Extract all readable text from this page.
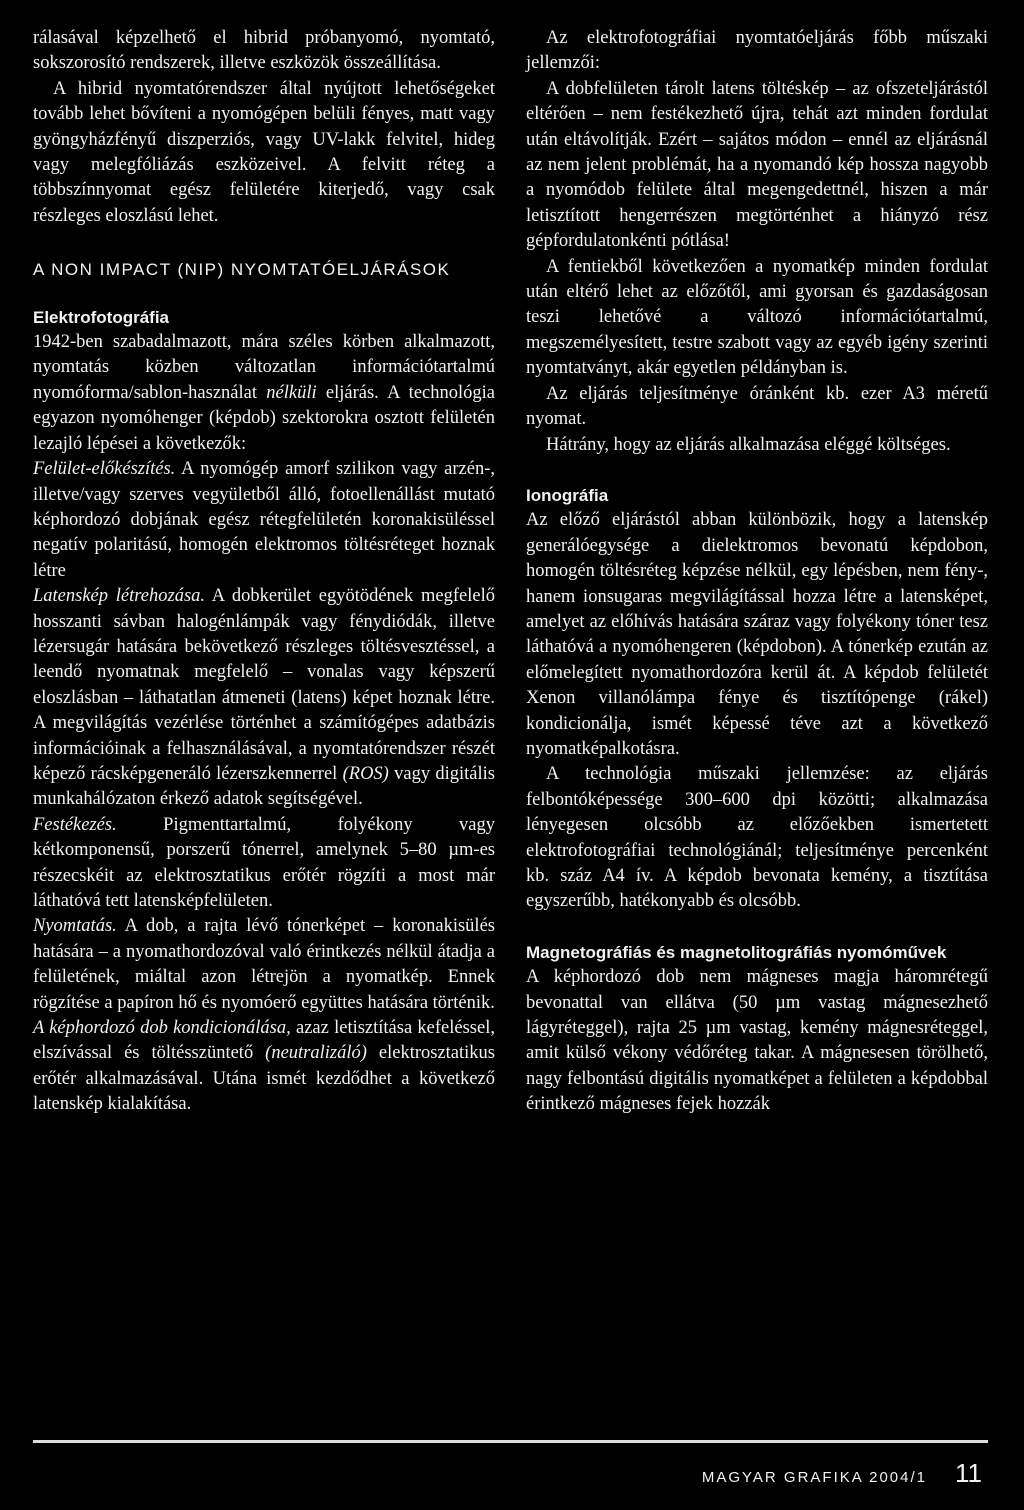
rálasával képzelhető el hibrid próbanyomó, nyomtató, sokszorosító rendszerek, illetve eszközök összeállítása.

A hibrid nyomtatórendszer által nyújtott lehetőségeket tovább lehet bővíteni a nyomógépen belüli fényes, matt vagy gyöngyházfényű diszperziós, vagy UV-lakk felvitel, hideg vagy melegfóliázás eszközeivel. A felvitt réteg a többszínnyomat egész felületére kiterjedő, vagy csak részleges eloszlású lehet.

A NON IMPACT (NIP) NYOMTATÓELJÁRÁSOK

Elektrofotográfia

1942-ben szabadalmazott, mára széles körben alkalmazott, nyomtatás közben változatlan információtartalmú nyomóforma/sablon-használat nélküli eljárás. A technológia egyazon nyomóhenger (képdob) szektorokra osztott felületén lezajló lépései a következők:

Felület-előkészítés. A nyomógép amorf szilikon vagy arzén-, illetve/vagy szerves vegyületből álló, fotoellenállást mutató képhordozó dobjának egész rétegfelületén koronakisüléssel negatív polaritású, homogén elektromos töltésréteget hoznak létre

Latenskép létrehozása. A dobkerület egyötödének megfelelő hosszanti sávban halogénlámpák vagy fénydiódák, illetve lézersugár hatására bekövetkező részleges töltésvesztéssel, a leendő nyomatnak megfelelő – vonalas vagy képszerű eloszlásban – láthatatlan átmeneti (latens) képet hoznak létre. A megvilágítás vezérlése történhet a számítógépes adatbázis információinak a felhasználásával, a nyomtatórendszer részét képező rácsképgeneráló lézerszkennerrel (ROS) vagy digitális munkahálózaton érkező adatok segítségével.

Festékezés. Pigmenttartalmú, folyékony vagy kétkomponensű, porszerű tónerrel, amelynek 5–80 µm-es részecskéit az elektrosztatikus erőtér rögzíti a most már láthatóvá tett latensképfelületen.

Nyomtatás. A dob, a rajta lévő tónerképet – koronakisülés hatására – a nyomathordozóval való érintkezés nélkül átadja a felületének, miáltal azon létrejön a nyomatkép. Ennek rögzítése a papíron hő és nyomóerő együttes hatására történik.

A képhordozó dob kondicionálása, azaz letisztítása kefeléssel, elszívással és töltésszüntető (neutralizáló) elektrosztatikus erőtér alkalmazásával. Utána ismét kezdődhet a következő latenskép kialakítása.

Az elektrofotográfiai nyomtatóeljárás főbb műszaki jellemzői:

A dobfelületen tárolt latens töltéskép – az ofszeteljárástól eltérően – nem festékezhető újra, tehát azt minden fordulat után eltávolítják. Ezért – sajátos módon – ennél az eljárásnál az nem jelent problémát, ha a nyomandó kép hossza nagyobb a nyomódob felülete által megengedettnél, hiszen a már letisztított hengerrészen megtörténhet a hiányzó rész gépfordulatonkénti pótlása!

A fentiekből következően a nyomatkép minden fordulat után eltérő lehet az előzőtől, ami gyorsan és gazdaságosan teszi lehetővé a változó információtartalmú, megszemélyesített, testre szabott vagy az egyéb igény szerinti nyomtatványt, akár egyetlen példányban is.

Az eljárás teljesítménye óránként kb. ezer A3 méretű nyomat.

Hátrány, hogy az eljárás alkalmazása eléggé költséges.

Ionográfia

Az előző eljárástól abban különbözik, hogy a latenskép generálóegysége a dielektromos bevonatú képdobon, homogén töltésréteg képzése nélkül, egy lépésben, nem fény-, hanem ionsugaras megvilágítással hozza létre a latensképet, amelyet az előhívás hatására száraz vagy folyékony tóner tesz láthatóvá a nyomóhengeren (képdobon). A tónerkép ezután az előmelegített nyomathordozóra kerül át. A képdob felületét Xenon villanólámpa fénye és tisztítópenge (rákel) kondicionálja, ismét képessé téve azt a következő nyomatképalkotásra.

A technológia műszaki jellemzése: az eljárás felbontóképessége 300–600 dpi közötti; alkalmazása lényegesen olcsóbb az előzőekben ismertetett elektrofotográfiai technológiánál; teljesítménye percenként kb. száz A4 ív. A képdob bevonata kemény, a tisztítása egyszerűbb, hatékonyabb és olcsóbb.

Magnetográfiás és magnetolitográfiás nyomóművek

A képhordozó dob nem mágneses magja háromrétegű bevonattal van ellátva (50 µm vastag mágnesezhető lágyréteggel), rajta 25 µm vastag, kemény mágnesréteggel, amit külső vékony védőréteg takar. A mágnesesen törölhető, nagy felbontású digitális nyomatképet a felületen a képdobbal érintkező mágneses fejek hozzák

MAGYAR GRAFIKA 2004/1 11
